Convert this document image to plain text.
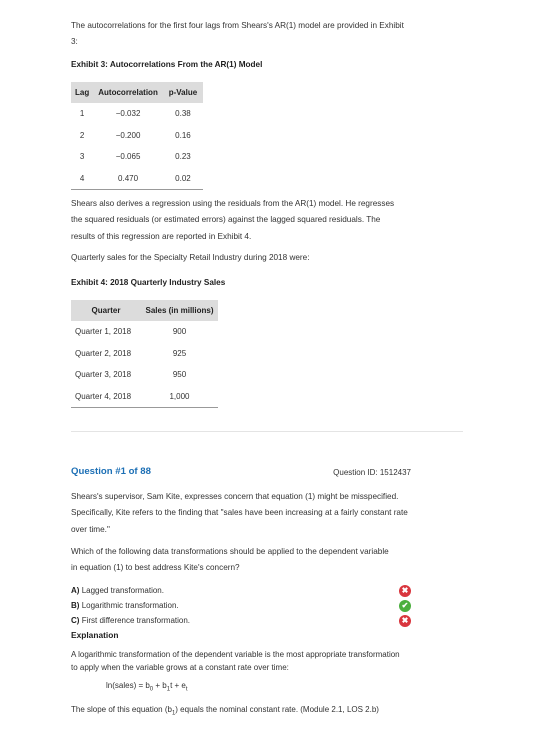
The autocorrelations for the first four lags from Shears's AR(1) model are provided in Exhibit 3:

Exhibit 3: Autocorrelations From the AR(1) Model
Lag	Autocorrelation	p-Value
1	−0.032	0.38
2	−0.200	0.16
3	−0.065	0.23
4	0.470	0.02

Shears also derives a regression using the residuals from the AR(1) model. He regresses the squared residuals (or estimated errors) against the lagged squared residuals. The results of this regression are reported in Exhibit 4.

Quarterly sales for the Specialty Retail Industry during 2018 were:

Exhibit 4: 2018 Quarterly Industry Sales
Quarter	Sales (in millions)
Quarter 1, 2018	900
Quarter 2, 2018	925
Quarter 3, 2018	950
Quarter 4, 2018	1,000
Question #1 of 88	Question ID: 1512437

Shears's supervisor, Sam Kite, expresses concern that equation (1) might be misspecified. Specifically, Kite refers to the finding that "sales have been increasing at a fairly constant rate over time."

Which of the following data transformations should be applied to the dependent variable in equation (1) to best address Kite's concern?

A) Lagged transformation.	✖
B) Logarithmic transformation.	✔
C) First difference transformation.	✖
Explanation

A logarithmic transformation of the dependent variable is the most appropriate transformation to apply when the variable grows at a constant rate over time:

ln(sales) = $b_0 + b_1t + e_t$

The slope of this equation $(b_1)$ equals the nominal constant rate. (Module 2.1, LOS 2.b)
